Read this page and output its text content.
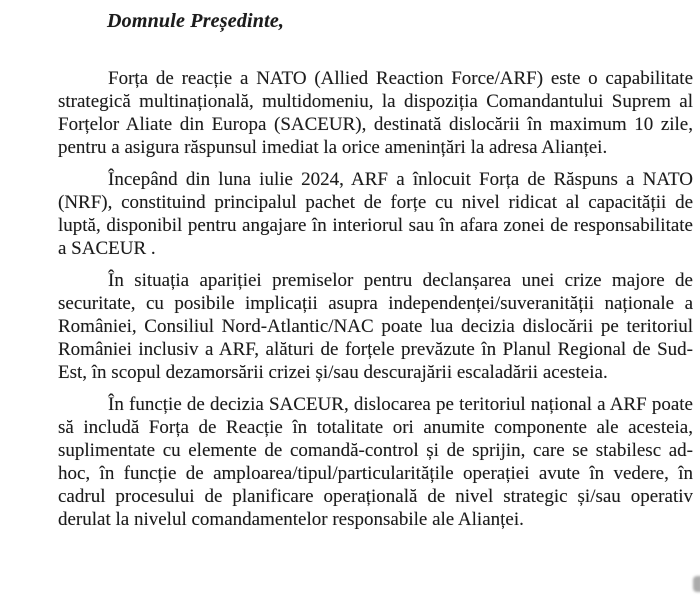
Domnule Președinte,
Forța de reacție a NATO (Allied Reaction Force/ARF) este o capabilitate
strategică multinațională, multidomeniu, la dispoziția Comandantului Suprem al
Forțelor Aliate din Europa (SACEUR), destinată dislocării în maximum 10 zile,
pentru a asigura răspunsul imediat la orice amenințări la adresa Alianței.
Începând din luna iulie 2024, ARF a înlocuit Forța de Răspuns a NATO
(NRF), constituind principalul pachet de forțe cu nivel ridicat al capacității de
luptă, disponibil pentru angajare în interiorul sau în afara zonei de responsabilitate
a SACEUR .
În situația apariției premiselor pentru declanșarea unei crize majore de
securitate, cu posibile implicații asupra independenței/suveranității naționale a
României, Consiliul Nord-Atlantic/NAC poate lua decizia dislocării pe teritoriul
României inclusiv a ARF, alături de forțele prevăzute în Planul Regional de Sud-
Est, în scopul dezamorsării crizei și/sau descurajării escaladării acesteia.
În funcție de decizia SACEUR, dislocarea pe teritoriul național a ARF poate
să includă Forța de Reacție în totalitate ori anumite componente ale acesteia,
suplimentate cu elemente de comandă-control și de sprijin, care se stabilesc ad-
hoc, în funcție de amploarea/tipul/particularitățile operației avute în vedere, în
cadrul procesului de planificare operațională de nivel strategic și/sau operativ
derulat la nivelul comandamentelor responsabile ale Alianței.
